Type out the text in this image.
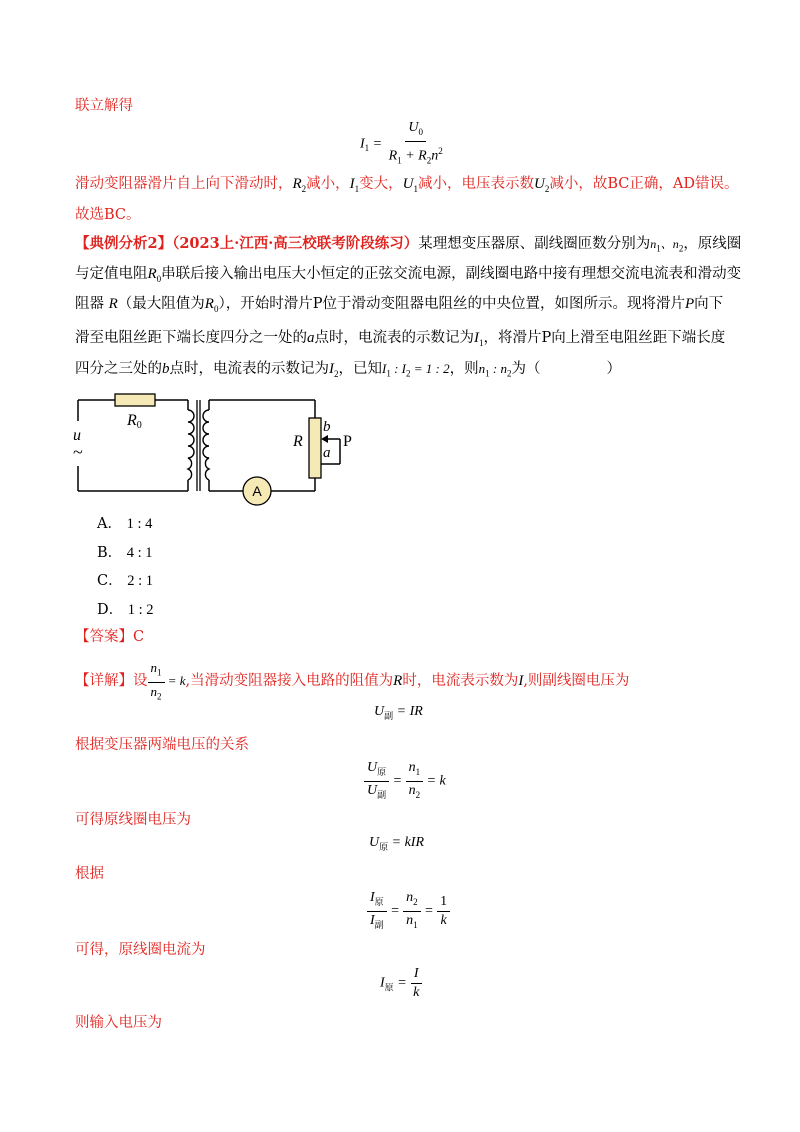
联立解得
$I_1 = \frac{U_0}{R_1 + R_2n^2}$
滑动变阻器滑片自上向下滑动时，$R_2$减小，$I_1$变大，$U_1$减小，电压表示数$U_2$减小，故BC正确，AD错误。
故选BC。
【典例分析2】（2023上·江西·高三校联考阶段练习）某理想变压器原、副线圈匝数分别为$n_1$、$n_2$，原线圈
与定值电阻$R_0$串联后接入输出电压大小恒定的正弦交流电源，副线圈电路中接有理想交流电流表和滑动变
阻器 R（最大阻值为$R_0$），开始时滑片P位于滑动变阻器电阻丝的中央位置，如图所示。现将滑片P向下
滑至电阻丝距下端长度四分之一处的a点时，电流表的示数记为$I_1$，将滑片P向上滑至电阻丝距下端长度
四分之三处的b点时，电流表的示数记为$I_2$，已知$I_1$ : $I_2 = 1$ : 2，则$n_1$ : $n_2$为（	）
A
R0
u
~
R
b
a
P
A． 1 : 4
B． 4 : 1
C． 2 : 1
D． 1 : 2
【答案】C
【详解】设 $\frac{n_1}{n_2} = k$,当滑动变阻器接入电路的阻值为R时，电流表示数为I,则副线圈电压为
$U_副$ = IR
根据变压器两端电压的关系
$\frac{U_原}{U_副} = \frac{n_1}{n_2} = k$
可得原线圈电压为
$U_原$ = kIR
根据
$\frac{I_原}{I_副} = \frac{n_2}{n_1} = \frac{1}{k}$
可得，原线圈电流为
$I_原 = \frac{I}{k}$
则输入电压为
